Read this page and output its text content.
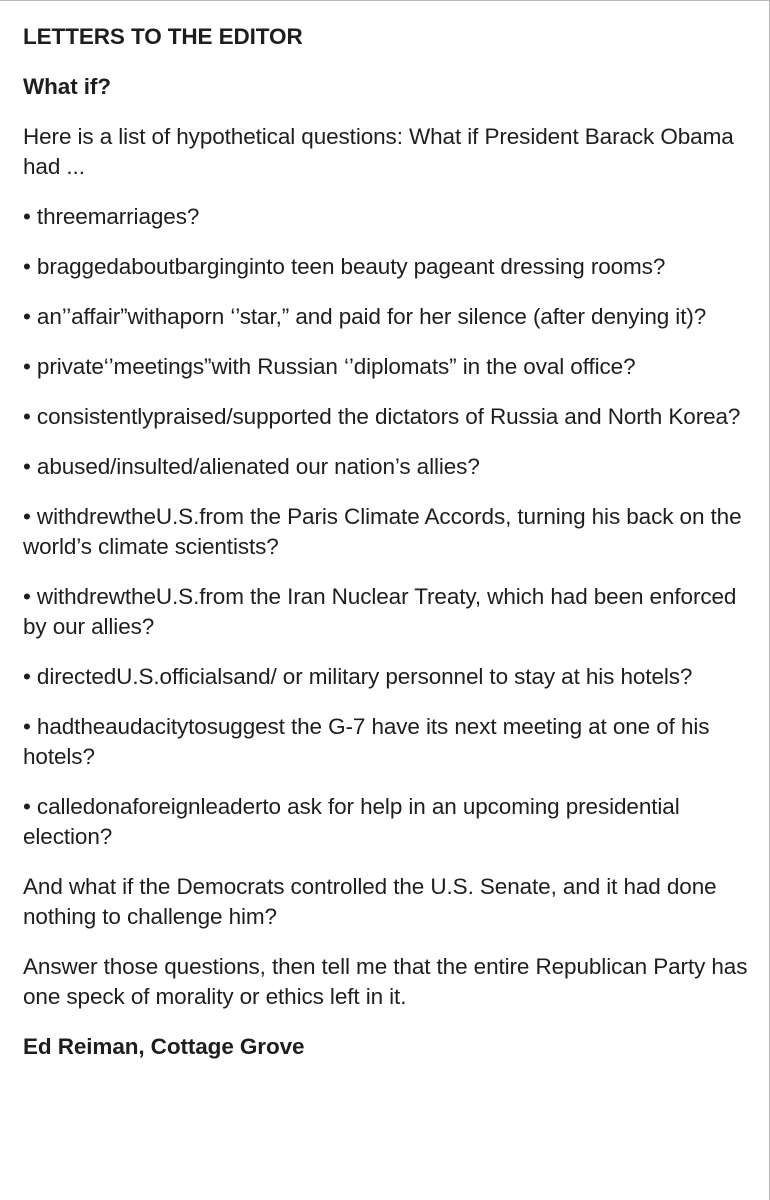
LETTERS TO THE EDITOR
What if?
Here is a list of hypothetical questions: What if President Barack Obama had ...
• threemarriages?
• braggedaboutbarginginto teen beauty pageant dressing rooms?
• an’’affair”withaporn ‘’star,” and paid for her silence (after denying it)?
• private‘’meetings”with Russian ‘’diplomats” in the oval office?
• consistentlypraised/supported the dictators of Russia and North Korea?
• abused/insulted/alienated our nation’s allies?
• withdrewtheU.S.from the Paris Climate Accords, turning his back on the world’s climate scientists?
• withdrewtheU.S.from the Iran Nuclear Treaty, which had been enforced by our allies?
• directedU.S.officialsand/ or military personnel to stay at his hotels?
• hadtheaudacitytosuggest the G-7 have its next meeting at one of his hotels?
• calledonaforeignleaderto ask for help in an upcoming presidential election?
And what if the Democrats controlled the U.S. Senate, and it had done nothing to challenge him?
Answer those questions, then tell me that the entire Republican Party has one speck of morality or ethics left in it.
Ed Reiman, Cottage Grove
